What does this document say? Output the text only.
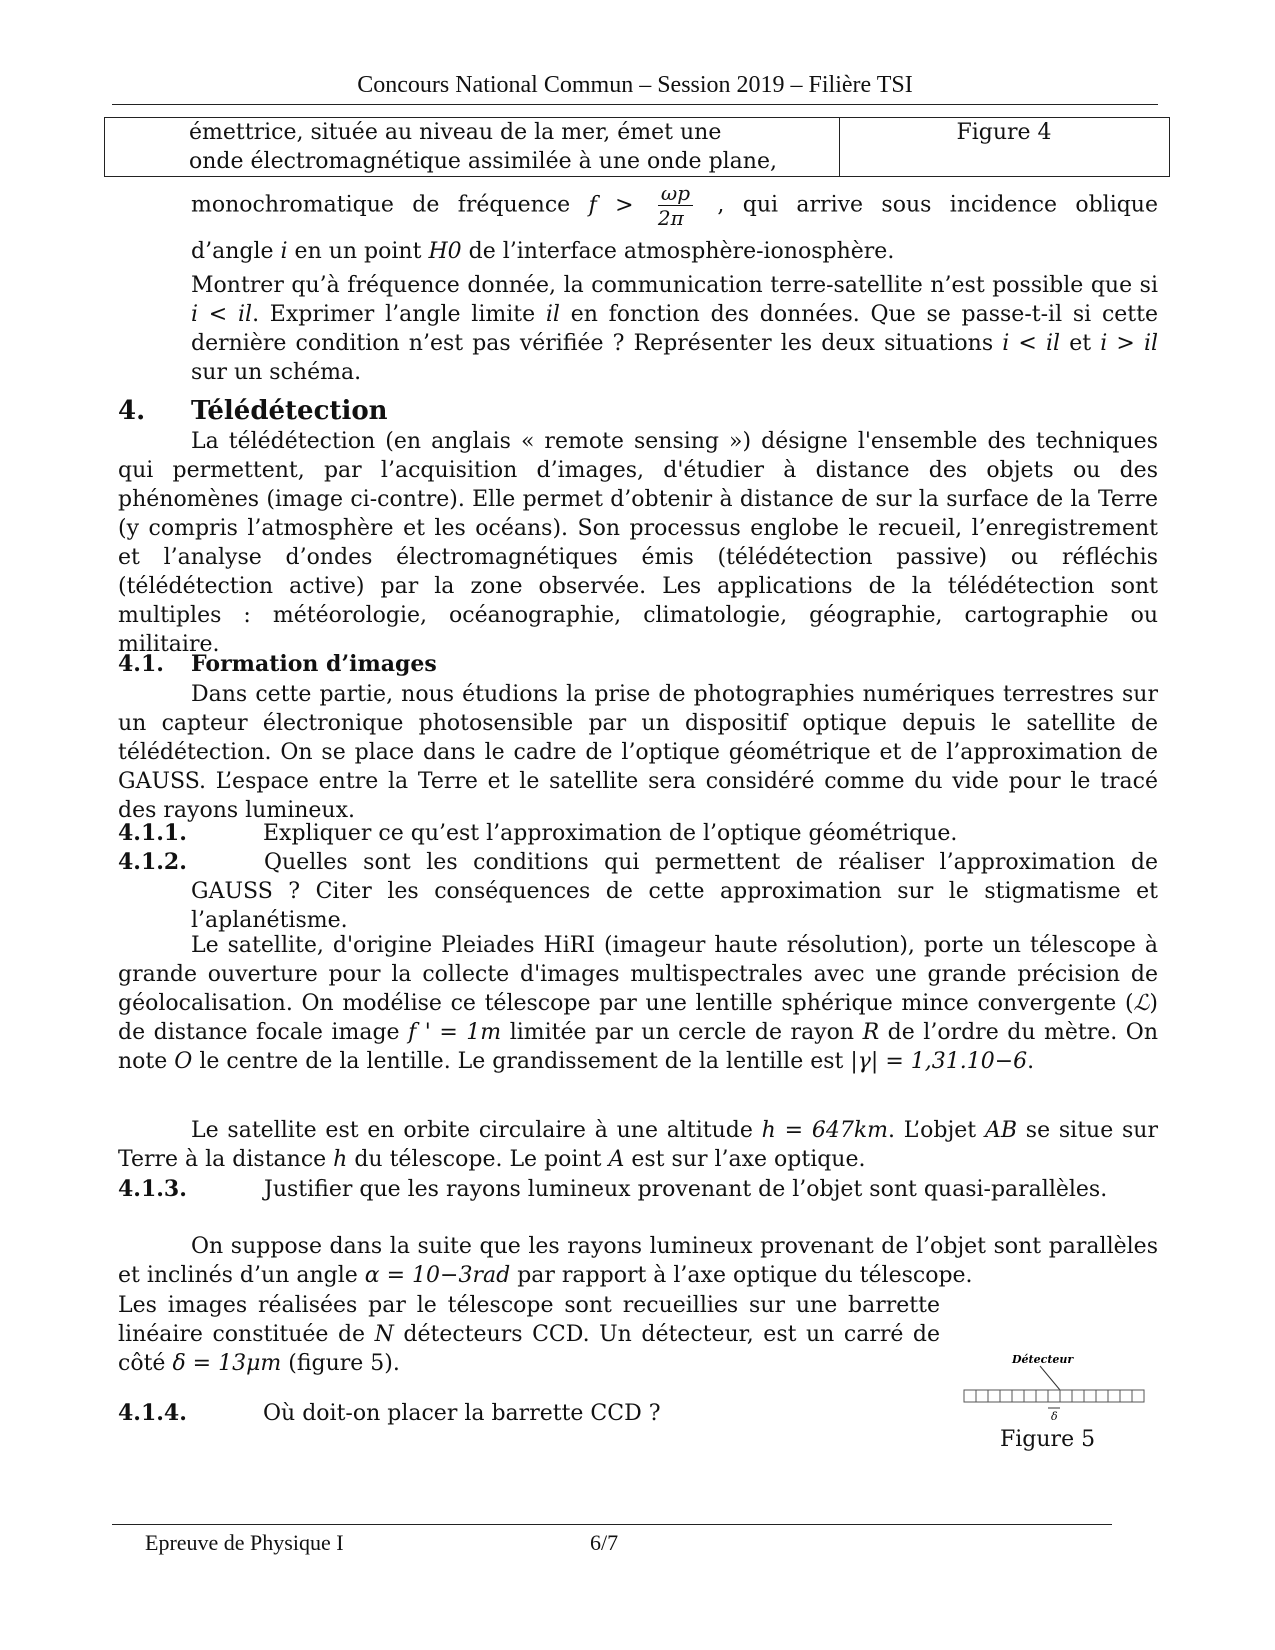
Concours National Commun – Session 2019 – Filière TSI
émettrice, située au niveau de la mer, émet une
onde électromagnétique assimilée à une onde plane,
Figure 4
monochromatique de fréquence $f > \frac{\omega p}{2\pi}$ , qui arrive sous incidence oblique
d’angle i en un point H0 de l’interface atmosphère-ionosphère.
Montrer qu’à fréquence donnée, la communication terre-satellite n’est possible que si i < il. Exprimer l’angle limite il en fonction des données. Que se passe-t-il si cette dernière condition n’est pas vérifiée ? Représenter les deux situations i < il et i > il sur un schéma.
4. Télédétection
La télédétection (en anglais « remote sensing ») désigne l'ensemble des techniques qui permettent, par l’acquisition d’images, d'étudier à distance des objets ou des phénomènes (image ci-contre). Elle permet d’obtenir à distance de sur la surface de la Terre (y compris l’atmosphère et les océans). Son processus englobe le recueil, l’enregistrement et l’analyse d’ondes électromagnétiques émis (télédétection passive) ou réfléchis (télédétection active) par la zone observée. Les applications de la télédétection sont multiples : météorologie, océanographie, climatologie, géographie, cartographie ou militaire.
4.1. Formation d’images
Dans cette partie, nous étudions la prise de photographies numériques terrestres sur un capteur électronique photosensible par un dispositif optique depuis le satellite de télédétection. On se place dans le cadre de l’optique géométrique et de l’approximation de GAUSS. L’espace entre la Terre et le satellite sera considéré comme du vide pour le tracé des rayons lumineux.
4.1.1.	Expliquer ce qu’est l’approximation de l’optique géométrique.
4.1.2.	Quelles sont les conditions qui permettent de réaliser l’approximation de GAUSS ? Citer les conséquences de cette approximation sur le stigmatisme et l’aplanétisme.
Le satellite, d'origine Pleiades HiRI (imageur haute résolution), porte un télescope à grande ouverture pour la collecte d'images multispectrales avec une grande précision de géolocalisation. On modélise ce télescope par une lentille sphérique mince convergente (ℒ) de distance focale image f ' = 1m limitée par un cercle de rayon R de l’ordre du mètre. On note O le centre de la lentille. Le grandissement de la lentille est |γ| = 1,31.10−6.
Le satellite est en orbite circulaire à une altitude h = 647km. L’objet AB se situe sur Terre à la distance h du télescope. Le point A est sur l’axe optique.
4.1.3.	Justifier que les rayons lumineux provenant de l’objet sont quasi-parallèles.
On suppose dans la suite que les rayons lumineux provenant de l’objet sont parallèles et inclinés d’un angle α = 10−3rad par rapport à l’axe optique du télescope.
Les images réalisées par le télescope sont recueillies sur une barrette linéaire constituée de N détecteurs CCD. Un détecteur, est un carré de côté δ = 13μm (figure 5).	Détecteur
δ
Figure 5
4.1.4.	Où doit-on placer la barrette CCD ?
Epreuve de Physique I	6/7
